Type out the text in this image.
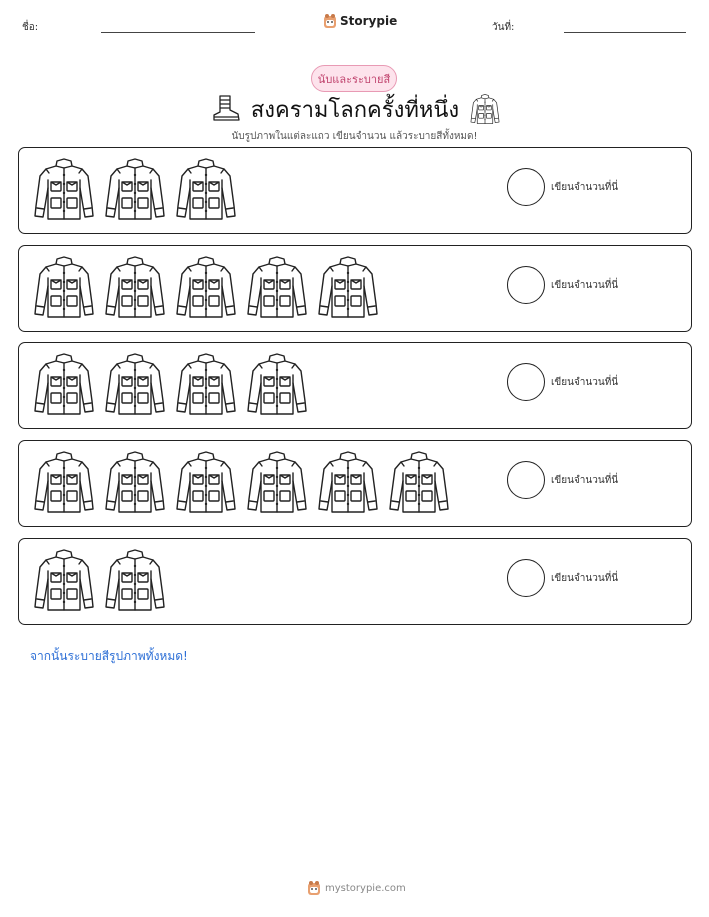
ชื่อ:	Storypie	วันที่:
นับและระบายสี
สงครามโลกครั้งที่หนึ่ง
นับรูปภาพในแต่ละแถว เขียนจำนวน แล้วระบายสีทั้งหมด!
เขียนจำนวนที่นี่
เขียนจำนวนที่นี่
เขียนจำนวนที่นี่
เขียนจำนวนที่นี่
เขียนจำนวนที่นี่
จากนั้นระบายสีรูปภาพทั้งหมด!
mystorypie.com
